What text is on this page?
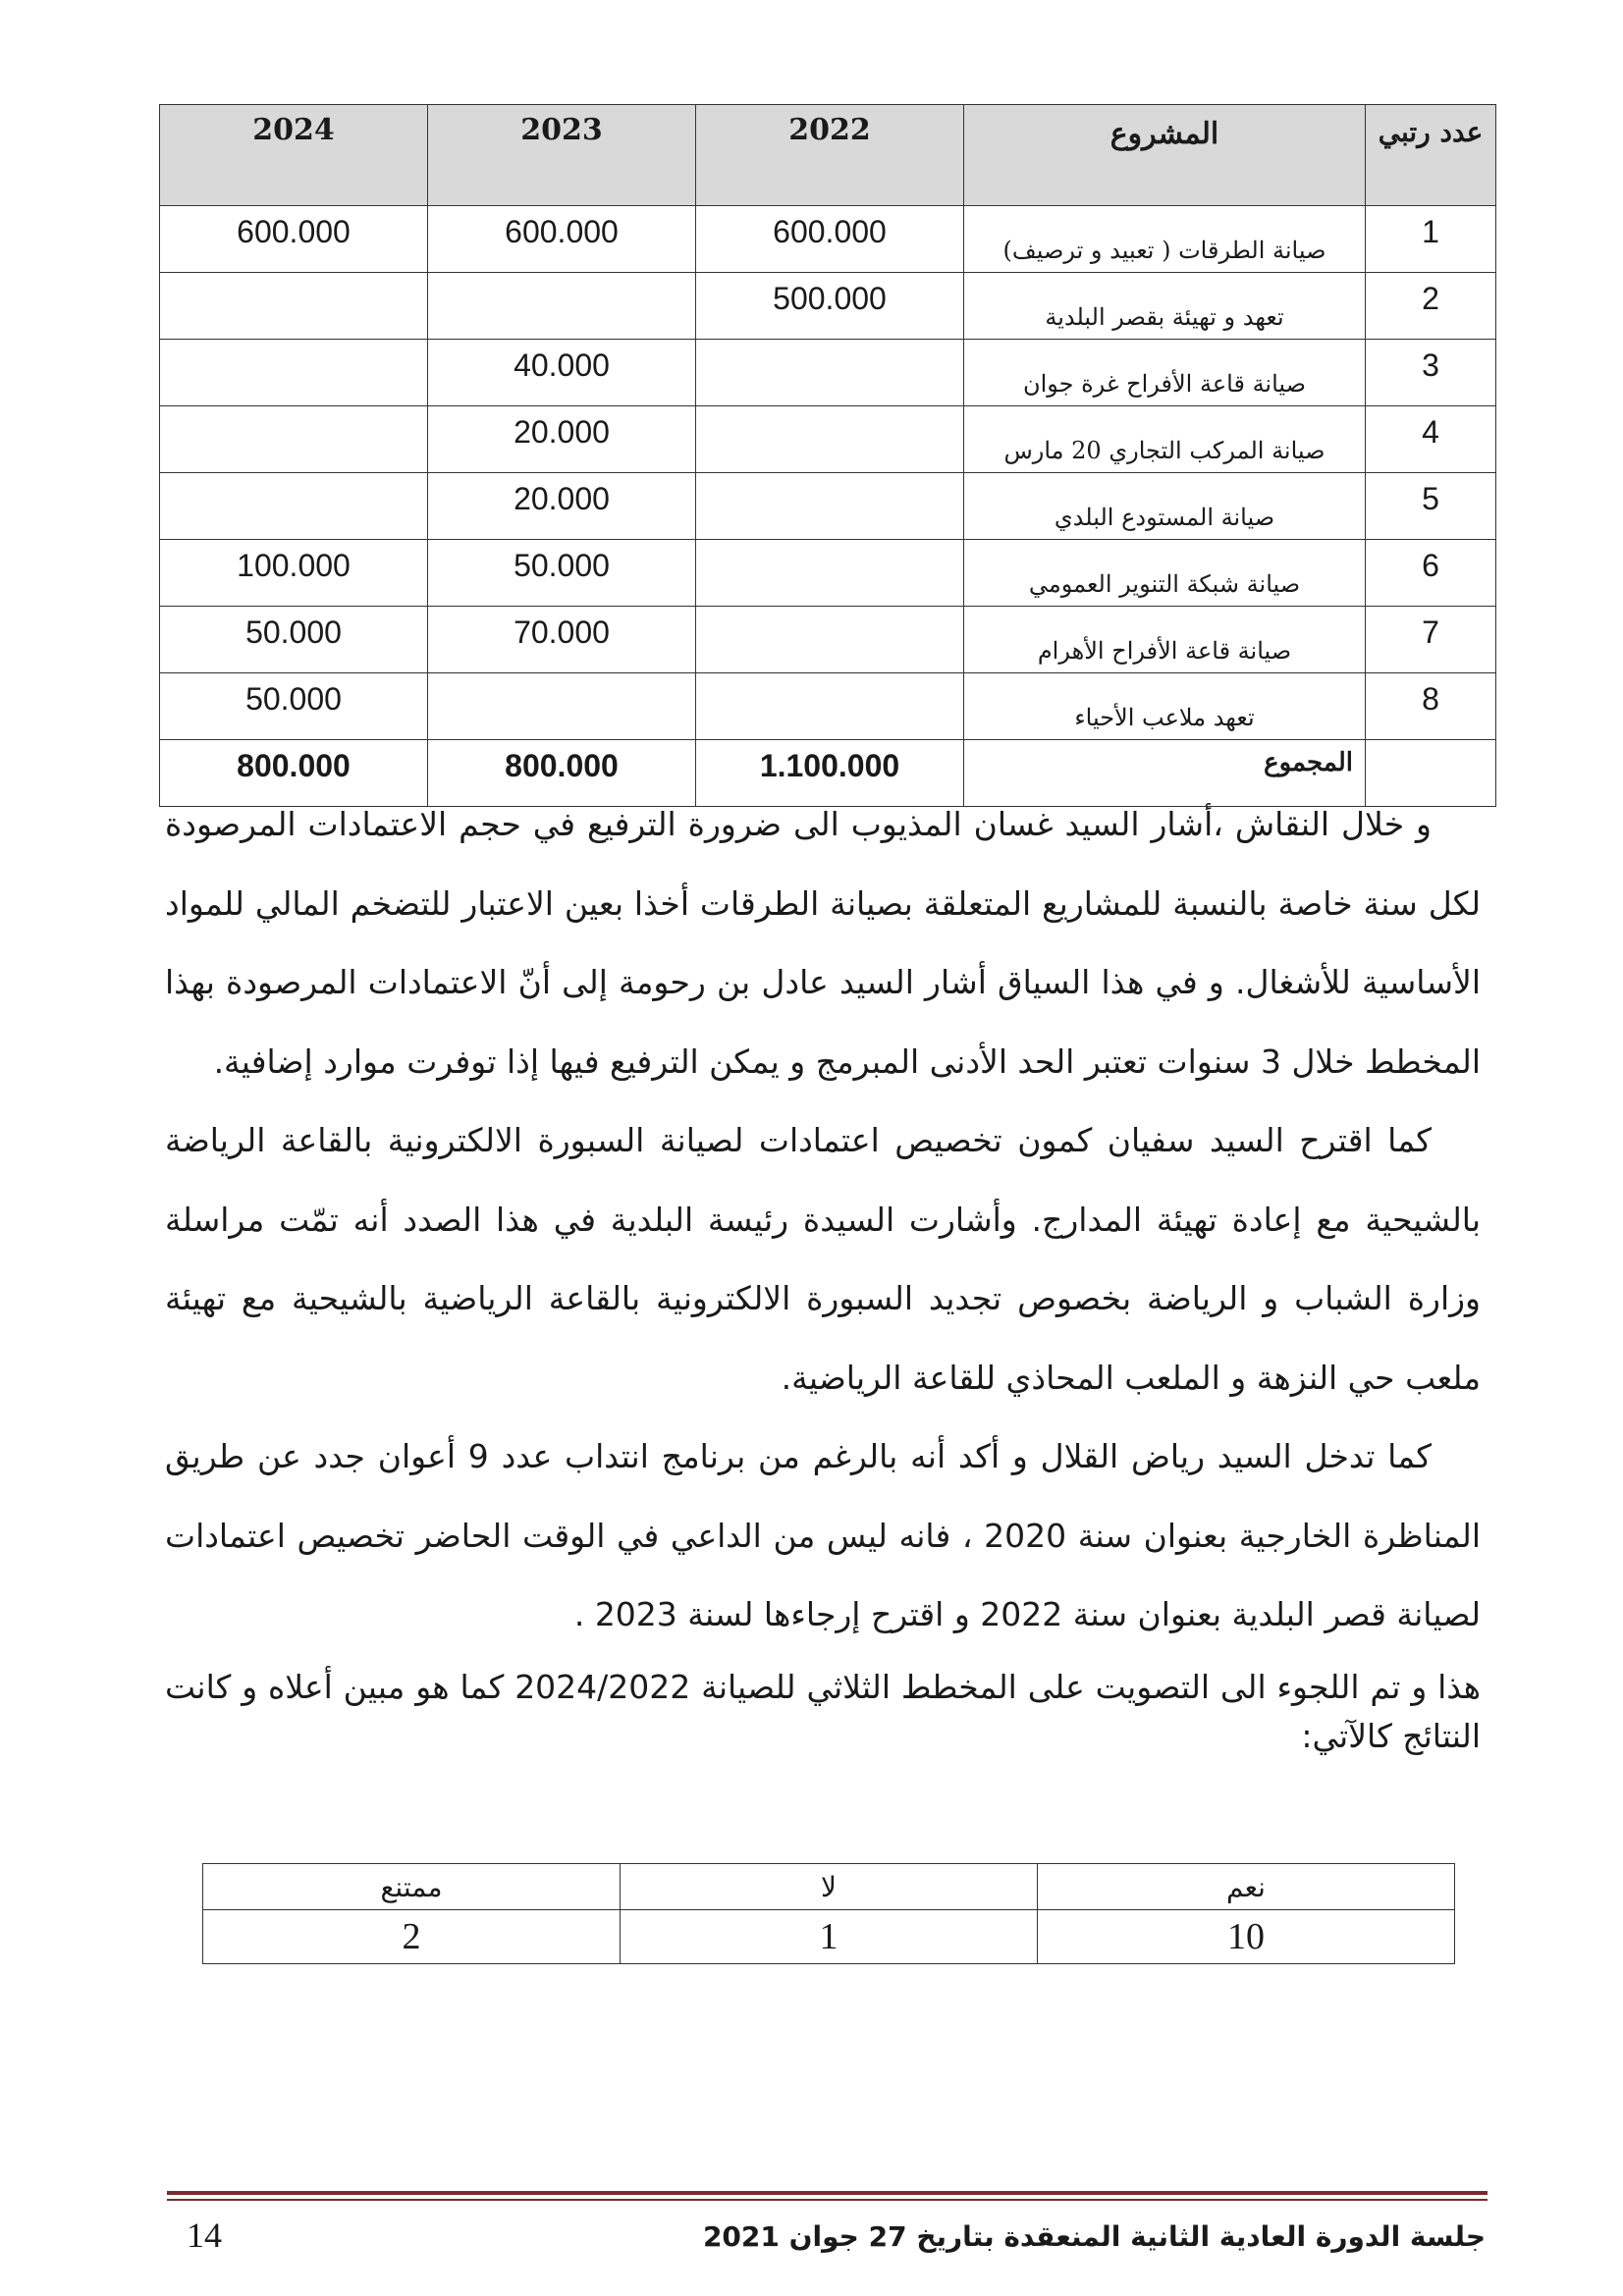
عدد رتبي	المشروع	2022	2023	2024
1	صيانة الطرقات ( تعبيد و ترصيف)	600.000	600.000	600.000
2	تعهد و تهيئة بقصر البلدية	500.000		
3	صيانة قاعة الأفراح غرة جوان		40.000	
4	صيانة المركب التجاري 20 مارس		20.000	
5	صيانة المستودع البلدي		20.000	
6	صيانة شبكة التنوير العمومي		50.000	100.000
7	صيانة قاعة الأفراح الأهرام		70.000	50.000
8	تعهد ملاعب الأحياء			50.000
	المجموع	1.100.000	800.000	800.000

و خلال النقاش ،أشار السيد غسان المذيوب الى ضرورة الترفيع في حجم الاعتمادات المرصودة لكل سنة خاصة بالنسبة للمشاريع المتعلقة بصيانة الطرقات أخذا بعين الاعتبار للتضخم المالي للمواد الأساسية للأشغال. و في هذا السياق أشار السيد عادل بن رحومة إلى أنّ الاعتمادات المرصودة بهذا المخطط خلال 3 سنوات تعتبر الحد الأدنى المبرمج و يمكن الترفيع فيها إذا توفرت موارد إضافية.

كما اقترح السيد سفيان كمون تخصيص اعتمادات لصيانة السبورة الالكترونية بالقاعة الرياضة بالشيحية مع إعادة تهيئة المدارج. وأشارت السيدة رئيسة البلدية في هذا الصدد أنه تمّت مراسلة وزارة الشباب و الرياضة بخصوص تجديد السبورة الالكترونية بالقاعة الرياضية بالشيحية مع تهيئة ملعب حي النزهة و الملعب المحاذي للقاعة الرياضية.

كما تدخل السيد رياض القلال و أكد أنه بالرغم من برنامج انتداب عدد 9 أعوان جدد عن طريق المناظرة الخارجية بعنوان سنة 2020 ، فانه ليس من الداعي في الوقت الحاضر تخصيص اعتمادات لصيانة قصر البلدية بعنوان سنة 2022 و اقترح إرجاءها لسنة 2023 .

هذا و تم اللجوء الى التصويت على المخطط الثلاثي للصيانة 2024/2022 كما هو مبين أعلاه و كانت النتائج كالآتي:

نعم	لا	ممتنع
10	1	2
جلسة الدورة العادية الثانية المنعقدة بتاريخ 27 جوان 2021
14
